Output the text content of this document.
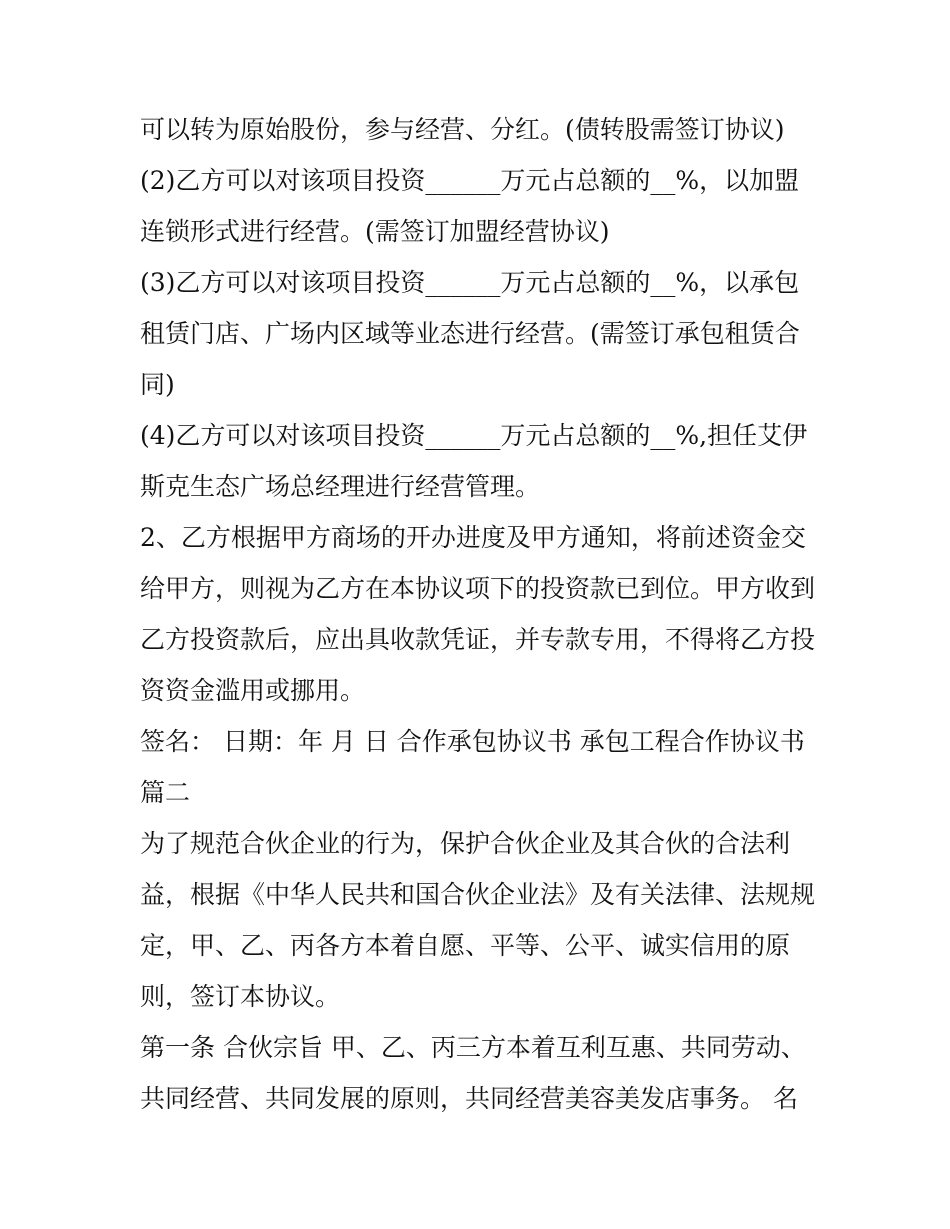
可以转为原始股份，参与经营、分红。(债转股需签订协议)

(2)乙方可以对该项目投资______万元占总额的__%，以加盟

连锁形式进行经营。(需签订加盟经营协议)

(3)乙方可以对该项目投资______万元占总额的__%，以承包

租赁门店、广场内区域等业态进行经营。(需签订承包租赁合

同)

(4)乙方可以对该项目投资______万元占总额的__%,担任艾伊

斯克生态广场总经理进行经营管理。

2、乙方根据甲方商场的开办进度及甲方通知，将前述资金交

给甲方，则视为乙方在本协议项下的投资款已到位。甲方收到

乙方投资款后，应出具收款凭证，并专款专用，不得将乙方投

资资金滥用或挪用。

签名： 日期：年 月 日 合作承包协议书 承包工程合作协议书

篇二

为了规范合伙企业的行为，保护合伙企业及其合伙的合法利

益，根据《中华人民共和国合伙企业法》及有关法律、法规规

定，甲、乙、丙各方本着自愿、平等、公平、诚实信用的原

则，签订本协议。

第一条 合伙宗旨 甲、乙、丙三方本着互利互惠、共同劳动、

共同经营、共同发展的原则，共同经营美容美发店事务。 名
